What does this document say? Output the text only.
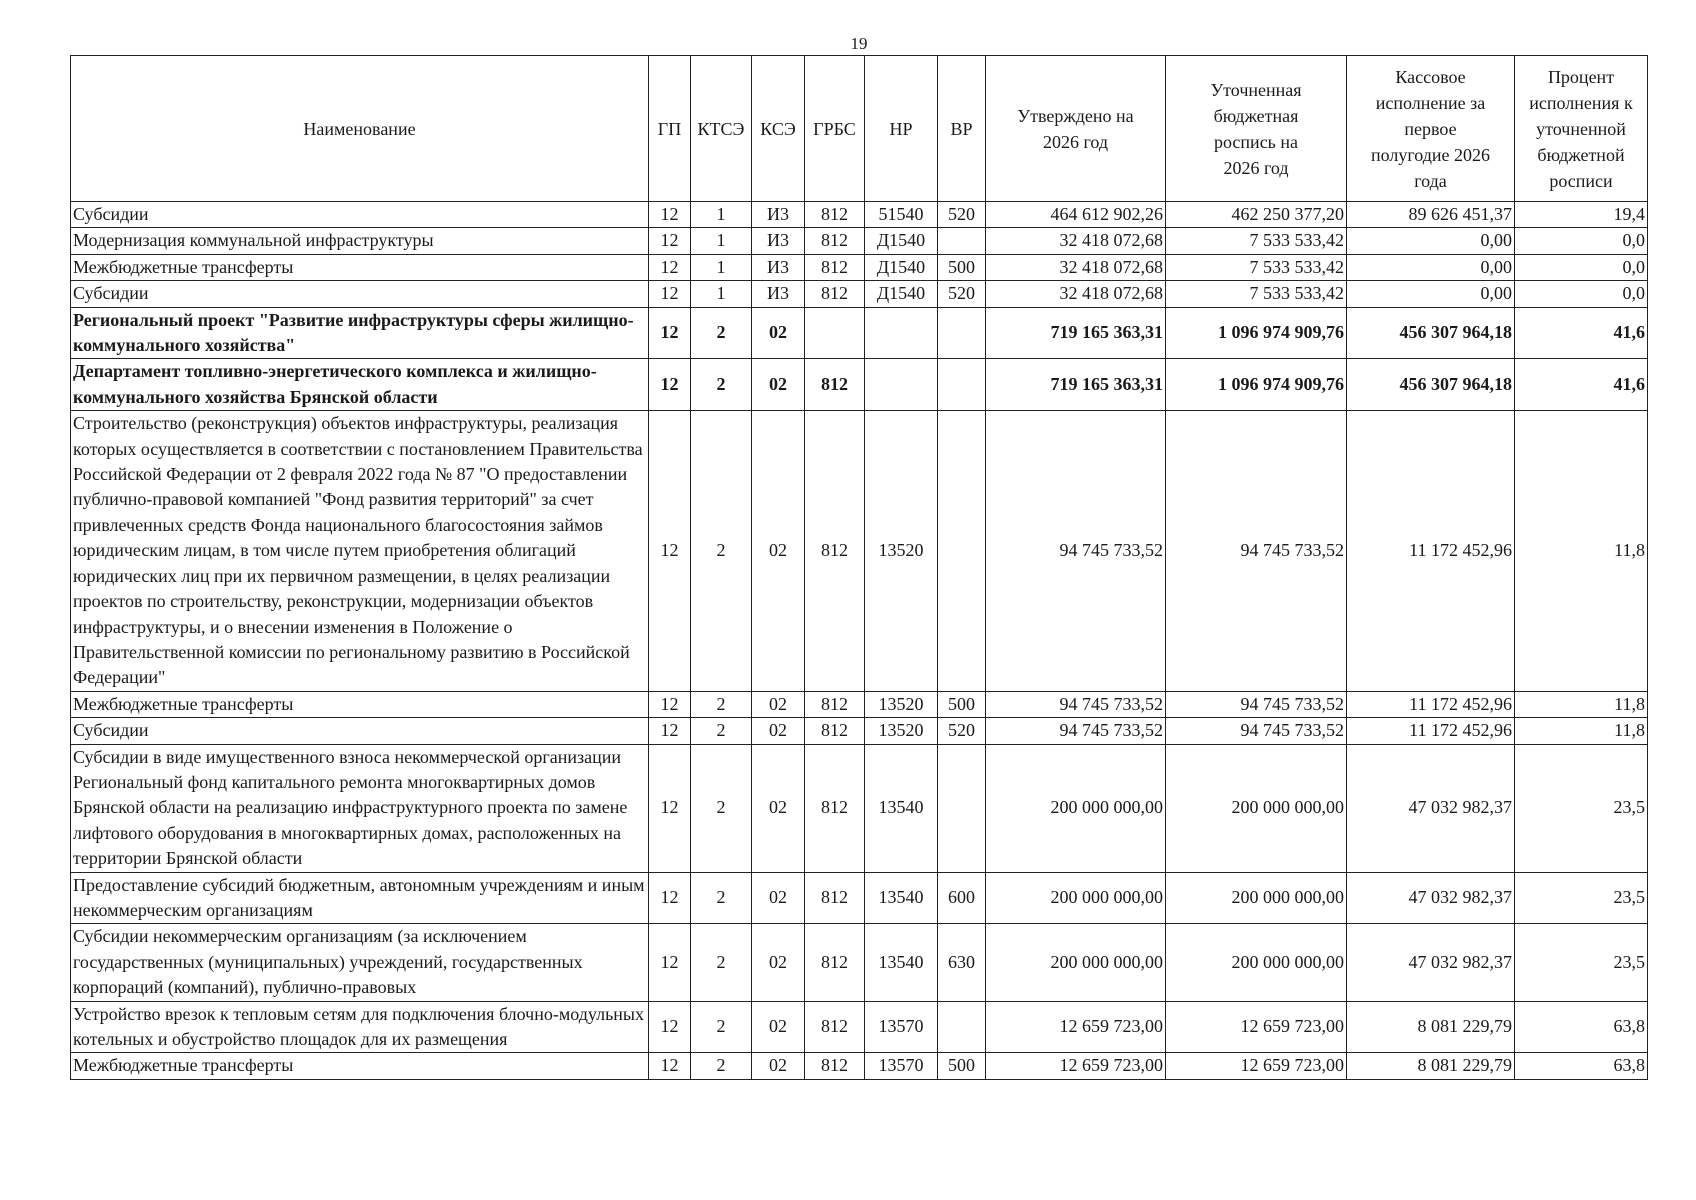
19
Наименование	ГП	КТСЭ	КСЭ	ГРБС	НР	ВР	Утверждено на 2026 год	Уточненная бюджетная роспись на 2026 год	Кассовое исполнение за первое полугодие 2026 года	Процент исполнения к уточненной бюджетной росписи
Субсидии	12	1	И3	812	51540	520	464 612 902,26	462 250 377,20	89 626 451,37	19,4
Модернизация коммунальной инфраструктуры	12	1	И3	812	Д1540		32 418 072,68	7 533 533,42	0,00	0,0
Межбюджетные трансферты	12	1	И3	812	Д1540	500	32 418 072,68	7 533 533,42	0,00	0,0
Субсидии	12	1	И3	812	Д1540	520	32 418 072,68	7 533 533,42	0,00	0,0
Региональный проект "Развитие инфраструктуры сферы жилищно-коммунального хозяйства"	12	2	02				719 165 363,31	1 096 974 909,76	456 307 964,18	41,6
Департамент топливно-энергетического комплекса и жилищно-коммунального хозяйства Брянской области	12	2	02	812			719 165 363,31	1 096 974 909,76	456 307 964,18	41,6
Строительство (реконструкция) объектов инфраструктуры, реализация которых осуществляется в соответствии с постановлением Правительства Российской Федерации от 2 февраля 2022 года № 87 "О предоставлении публично-правовой компанией "Фонд развития территорий" за счет привлеченных средств Фонда национального благосостояния займов юридическим лицам, в том числе путем приобретения облигаций юридических лиц при их первичном размещении, в целях реализации проектов по строительству, реконструкции, модернизации объектов инфраструктуры, и о внесении изменения в Положение о Правительственной комиссии по региональному развитию в Российской Федерации"	12	2	02	812	13520		94 745 733,52	94 745 733,52	11 172 452,96	11,8
Межбюджетные трансферты	12	2	02	812	13520	500	94 745 733,52	94 745 733,52	11 172 452,96	11,8
Субсидии	12	2	02	812	13520	520	94 745 733,52	94 745 733,52	11 172 452,96	11,8
Субсидии в виде имущественного взноса некоммерческой организации Региональный фонд капитального ремонта многоквартирных домов Брянской области на реализацию инфраструктурного проекта по замене лифтового оборудования в многоквартирных домах, расположенных на территории Брянской области	12	2	02	812	13540		200 000 000,00	200 000 000,00	47 032 982,37	23,5
Предоставление субсидий бюджетным, автономным учреждениям и иным некоммерческим организациям	12	2	02	812	13540	600	200 000 000,00	200 000 000,00	47 032 982,37	23,5
Субсидии некоммерческим организациям (за исключением государственных (муниципальных) учреждений, государственных корпораций (компаний), публично-правовых	12	2	02	812	13540	630	200 000 000,00	200 000 000,00	47 032 982,37	23,5
Устройство врезок к тепловым сетям для подключения блочно-модульных котельных и обустройство площадок для их размещения	12	2	02	812	13570		12 659 723,00	12 659 723,00	8 081 229,79	63,8
Межбюджетные трансферты	12	2	02	812	13570	500	12 659 723,00	12 659 723,00	8 081 229,79	63,8
